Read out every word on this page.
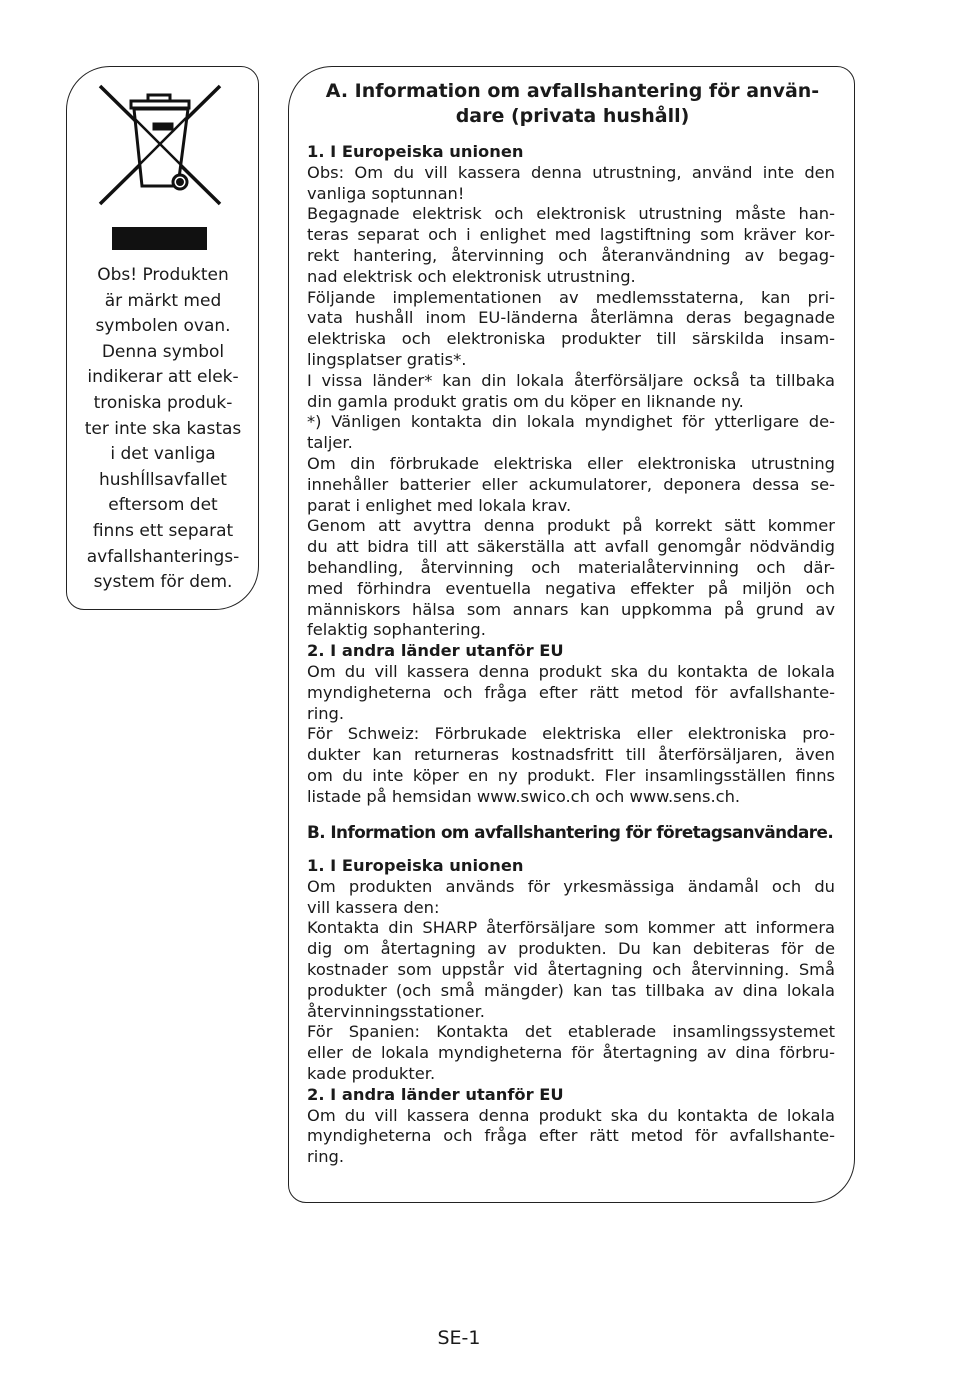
Obs! Produkten

är märkt med

symbolen ovan.

Denna symbol

indikerar att elek-

troniska produk-

ter inte ska kastas

i det vanliga

hushÍllsavfallet

eftersom det

finns ett separat

avfallshanterings-

system för dem.

A. Information om avfallshantering för använ-
dare (privata hushåll)
1. I Europeiska unionen
Obs: Om du vill kassera denna utrustning, använd inte den
vanliga soptunnan!
Begagnade elektrisk och elektronisk utrustning måste han-
teras separat och i enlighet med lagstiftning som kräver kor-
rekt hantering, återvinning och återanvändning av begag-
nad elektrisk och elektronisk utrustning.
Följande implementationen av medlemsstaterna, kan pri-
vata hushåll inom EU-länderna återlämna deras begagnade
elektriska och elektroniska produkter till särskilda insam-
lingsplatser gratis*.
I vissa länder* kan din lokala återförsäljare också ta tillbaka
din gamla produkt gratis om du köper en liknande ny.
*) Vänligen kontakta din lokala myndighet för ytterligare de-
taljer.
Om din förbrukade elektriska eller elektroniska utrustning
innehåller batterier eller ackumulatorer, deponera dessa se-
parat i enlighet med lokala krav.
Genom att avyttra denna produkt på korrekt sätt kommer
du att bidra till att säkerställa att avfall genomgår nödvändig
behandling, återvinning och materialåtervinning och där-
med förhindra eventuella negativa effekter på miljön och
människors hälsa som annars kan uppkomma på grund av
felaktig sophantering.
2. I andra länder utanför EU
Om du vill kassera denna produkt ska du kontakta de lokala
myndigheterna och fråga efter rätt metod för avfallshante-
ring.
För Schweiz: Förbrukade elektriska eller elektroniska pro-
dukter kan returneras kostnadsfritt till återförsäljaren, även
om du inte köper en ny produkt. Fler insamlingsställen finns
listade på hemsidan www.swico.ch och www.sens.ch.
B. Information om avfallshantering för företagsanvändare.
1. I Europeiska unionen
Om produkten används för yrkesmässiga ändamål och du
vill kassera den:
Kontakta din SHARP återförsäljare som kommer att informera
dig om återtagning av produkten. Du kan debiteras för de
kostnader som uppstår vid återtagning och återvinning. Små
produkter (och små mängder) kan tas tillbaka av dina lokala
återvinningsstationer.
För Spanien: Kontakta det etablerade insamlingssystemet
eller de lokala myndigheterna för återtagning av dina förbru-
kade produkter.
2. I andra länder utanför EU
Om du vill kassera denna produkt ska du kontakta de lokala
myndigheterna och fråga efter rätt metod för avfallshante-
ring.
SE-1
